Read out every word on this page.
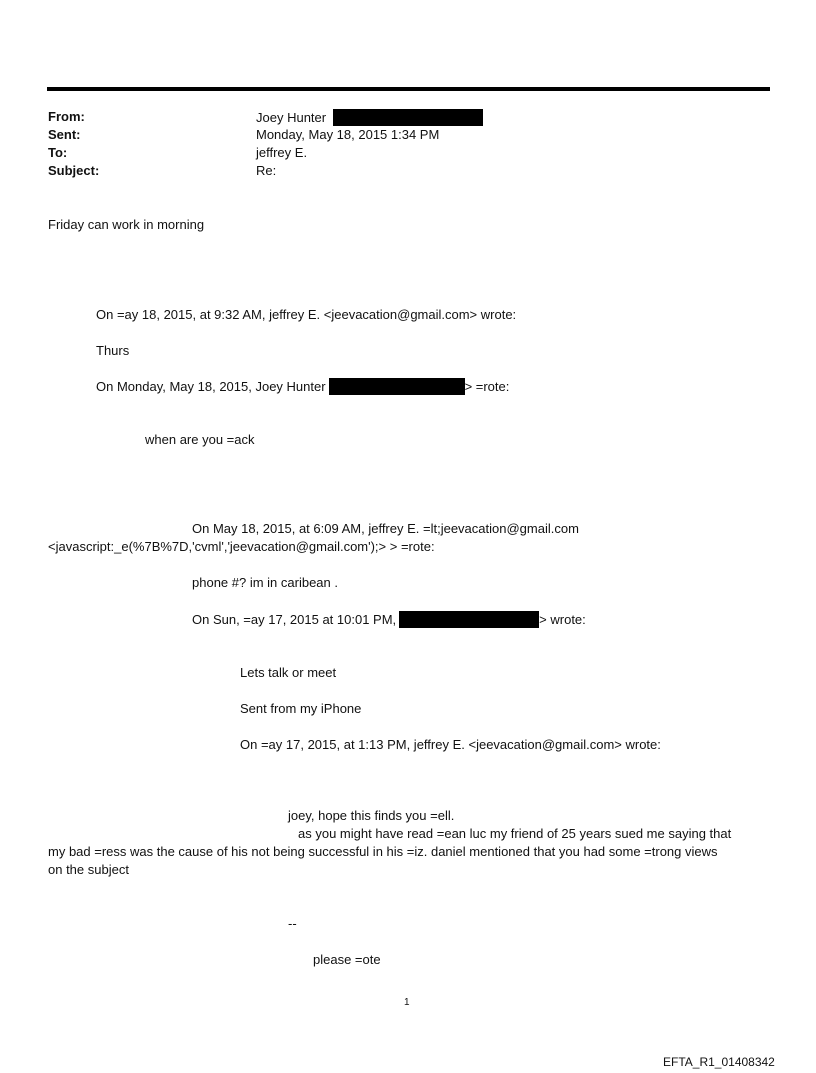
From:	Joey Hunter
Sent:	Monday, May 18, 2015 1:34 PM
To:	jeffrey E.
Subject:	Re:
Friday can work in morning
On =ay 18, 2015, at 9:32 AM, jeffrey E. <jeevacation@gmail.com> wrote:
Thurs
On Monday, May 18, 2015, Joey Hunter	> =rote:
when are you =ack
On May 18, 2015, at 6:09 AM, jeffrey E. =lt;jeevacation@gmail.com
<javascript:_e(%7B%7D,'cvml','jeevacation@gmail.com');> > =rote:
phone #? im in caribean .
On Sun, =ay 17, 2015 at 10:01 PM,	> wrote:
Lets talk or meet
Sent from my iPhone
On =ay 17, 2015, at 1:13 PM, jeffrey E. <jeevacation@gmail.com> wrote:
joey, hope this finds you =ell.
as you might have read =ean luc my friend of 25 years sued me saying that
my bad =ress was the cause of his not being successful in his =iz. daniel mentioned that you had some =trong views
on the subject
--
please =ote
1
EFTA_R1_01408342
